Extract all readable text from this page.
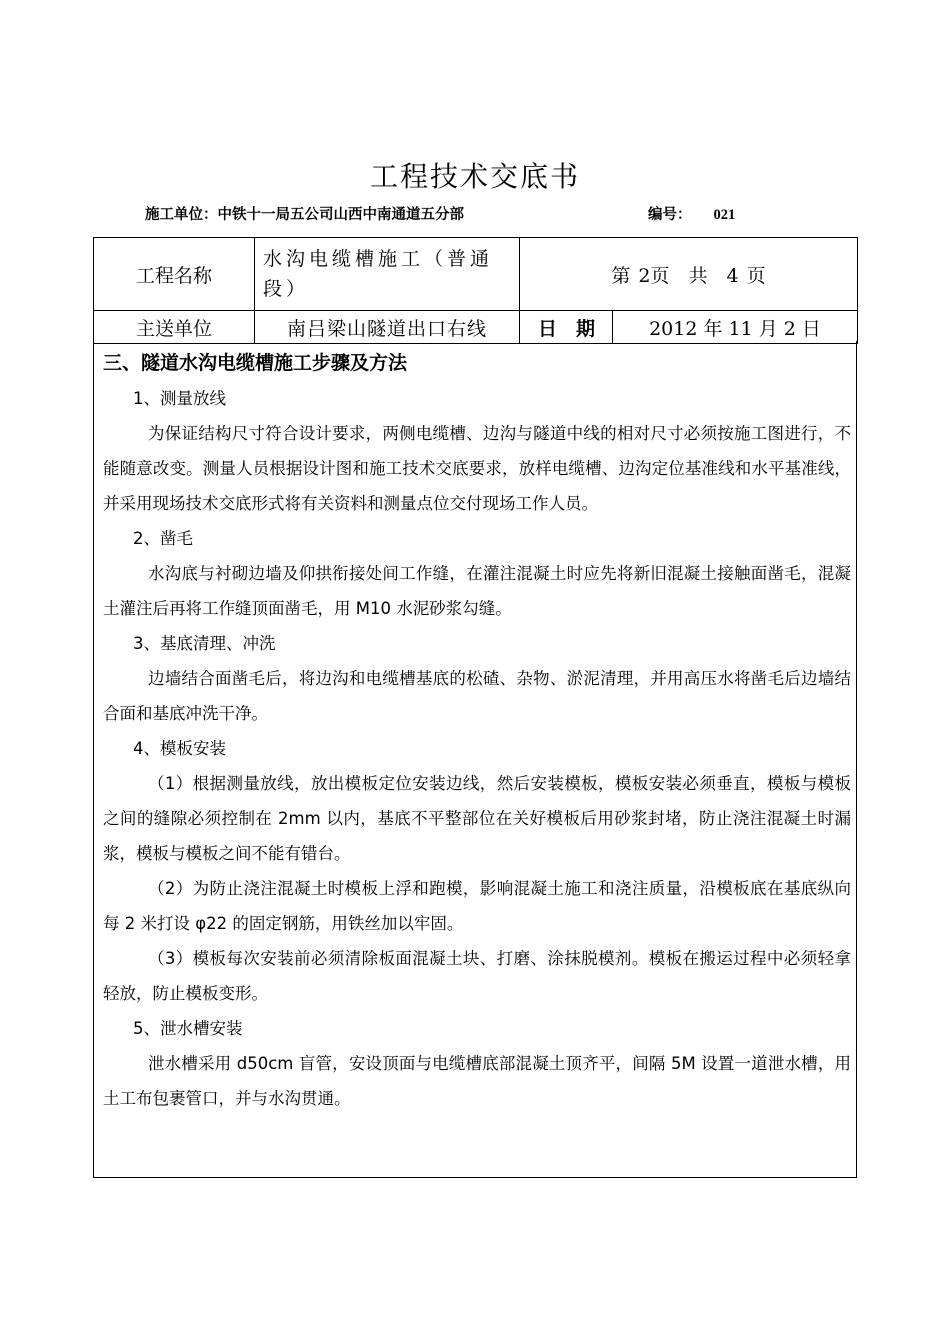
工程技术交底书
施工单位：中铁十一局五公司山西中南通道五分部	编号： 021
工程名称	水沟电缆槽施工（普通段）	第 2页　共　4 页	
主送单位	南吕梁山隧道出口右线	日　期	2012 年 11 月 2 日

三、隧道水沟电缆槽施工步骤及方法

1、测量放线

为保证结构尺寸符合设计要求，两侧电缆槽、边沟与隧道中线的相对尺寸必须按施工图进行，不能随意改变。测量人员根据设计图和施工技术交底要求，放样电缆槽、边沟定位基准线和水平基准线，并采用现场技术交底形式将有关资料和测量点位交付现场工作人员。

2、凿毛

水沟底与衬砌边墙及仰拱衔接处间工作缝，在灌注混凝土时应先将新旧混凝土接触面凿毛，混凝土灌注后再将工作缝顶面凿毛，用 M10 水泥砂浆勾缝。

3、基底清理、冲洗

边墙结合面凿毛后，将边沟和电缆槽基底的松碴、杂物、淤泥清理，并用高压水将凿毛后边墙结合面和基底冲洗干净。

4、模板安装

（1）根据测量放线，放出模板定位安装边线，然后安装模板，模板安装必须垂直，模板与模板之间的缝隙必须控制在 2mm 以内，基底不平整部位在关好模板后用砂浆封堵，防止浇注混凝土时漏浆，模板与模板之间不能有错台。

（2）为防止浇注混凝土时模板上浮和跑模，影响混凝土施工和浇注质量，沿模板底在基底纵向每 2 米打设 φ22 的固定钢筋，用铁丝加以牢固。

（3）模板每次安装前必须清除板面混凝土块、打磨、涂抹脱模剂。模板在搬运过程中必须轻拿轻放，防止模板变形。

5、泄水槽安装

泄水槽采用 d50cm 盲管，安设顶面与电缆槽底部混凝土顶齐平，间隔 5M 设置一道泄水槽，用土工布包裹管口，并与水沟贯通。
